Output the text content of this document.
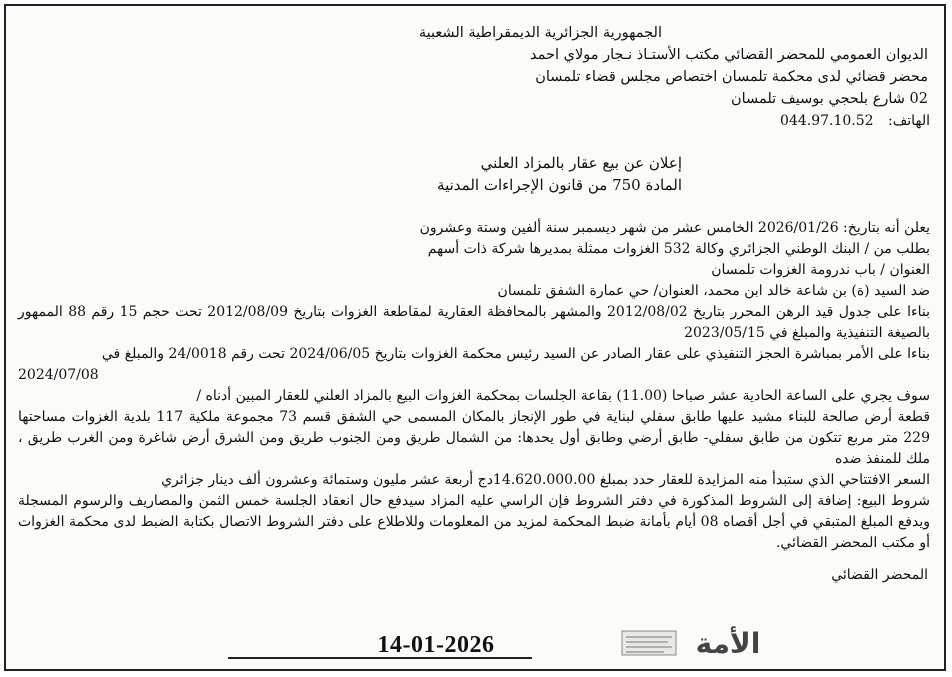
الجمهورية الجزائرية الديمقراطية الشعبية
الديوان العمومي للمحضر القضائي مكتب الأستـاذ نـجار مولاي احمد
محضر قضائي لدى محكمة تلمسان اختصاص مجلس قضاء تلمسان
02 شارع بلحجي بوسيف تلمسان
الهاتف: 044.97.10.52
إعلان عن بيع عقار بالمزاد العلني
المادة 750 من قانون الإجراءات المدنية
يعلن أنه بتاريخ: 2026/01/26 الخامس عشر من شهر ديسمبر سنة ألفين وستة وعشرون
بطلب من / البنك الوطني الجزائري وكالة 532 الغزوات ممثلة بمديرها شركة ذات أسهم
العنوان / باب ندرومة الغزوات تلمسان
ضد السيد (ة) بن شاعة خالد ابن محمد، العنوان/ حي عمارة الشفق تلمسان
بناءا على جدول قيد الرهن المحرر بتاريخ 2012/08/02 والمشهر بالمحافظة العقارية لمقاطعة الغزوات بتاريخ 2012/08/09 تحت حجم 15 رقم 88 الممهور بالصيغة التنفيذية والمبلغ في 2023/05/15
بناءا على الأمر بمباشرة الحجز التنفيذي على عقار الصادر عن السيد رئيس محكمة الغزوات بتاريخ 2024/06/05 تحت رقم 24/0018 والمبلغ في
2024/07/08
سوف يجري على الساعة الحادية عشر صباحا (11.00) بقاعة الجلسات بمحكمة الغزوات البيع بالمزاد العلني للعقار المبين أدناه /
قطعة أرض صالحة للبناء مشيد عليها طابق سفلي لبناية في طور الإنجاز بالمكان المسمى حي الشفق قسم 73 مجموعة ملكية 117 بلدية الغزوات مساحتها 229 متر مربع تتكون من طابق سفلي- طابق أرضي وطابق أول يحدها: من الشمال طريق ومن الجنوب طريق ومن الشرق أرض شاغرة ومن الغرب طريق ، ملك للمنفذ ضده
السعر الافتتاحي الذي ستبدأ منه المزايدة للعقار حدد بمبلغ 14.620.000.00دج أربعة عشر مليون وستمائة وعشرون ألف دينار جزائري
شروط البيع: إضافة إلى الشروط المذكورة في دفتر الشروط فإن الراسي عليه المزاد سيدفع حال انعقاد الجلسة خمس الثمن والمصاريف والرسوم المسجلة ويدفع المبلغ المتبقي في أجل أقصاه 08 أيام بأمانة ضبط المحكمة لمزيد من المعلومات وللاطلاع على دفتر الشروط الاتصال بكتابة الضبط لدى محكمة الغزوات أو مكتب المحضر القضائي.
المحضر القضائي
14-01-2026	الأمة
